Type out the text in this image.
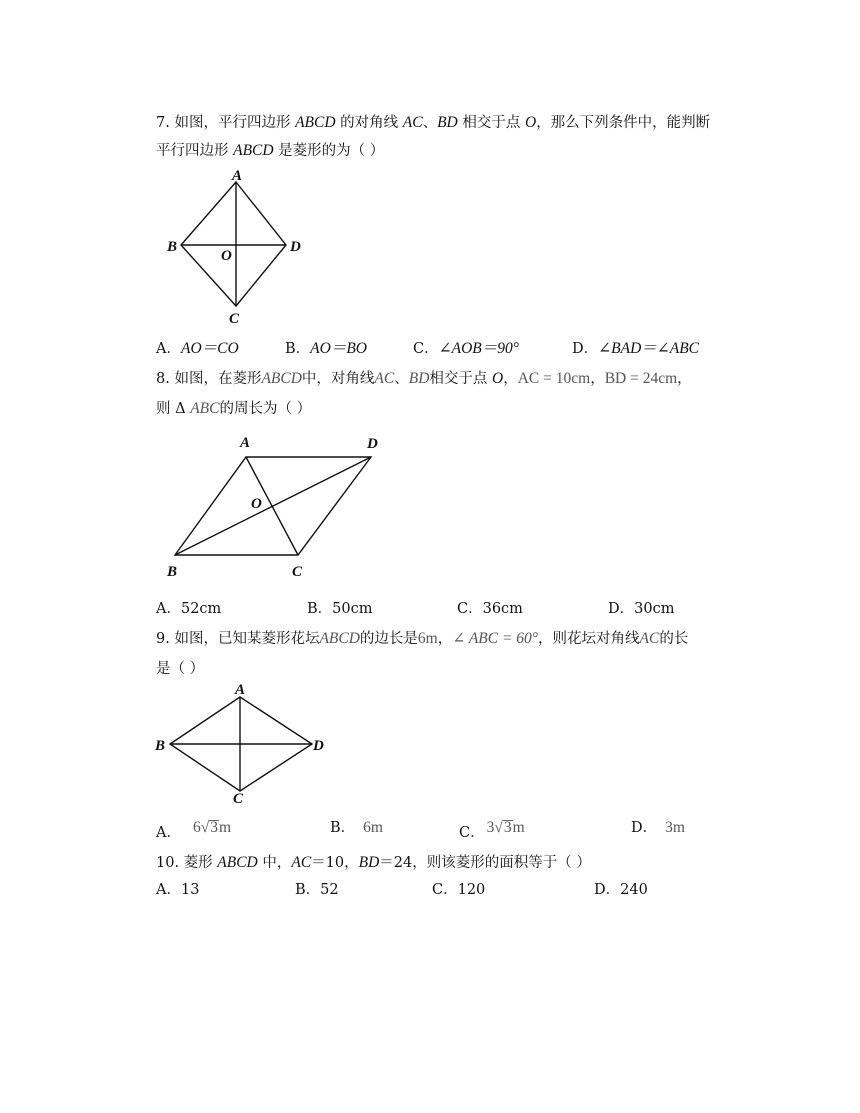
7. 如图，平行四边形 ABCD 的对角线 AC、BD 相交于点 O，那么下列条件中，能判断
平行四边形 ABCD 是菱形的为（ ）
A
B	D
O
C
A．AO＝CO	B．AO＝BO	C．∠AOB＝90°	D．∠BAD＝∠ABC
8. 如图，在菱形ABCD中，对角线AC、BD相交于点 O，AC = 10cm，BD = 24cm，
则 Δ ABC的周长为（ ）
A	D
O
B	C
A．52cm	B．50cm	C．36cm	D．30cm
9. 如图，已知某菱形花坛ABCD的边长是6m，∠ ABC = 60°，则花坛对角线AC的长
是（ ）
A
B	D
C
A． 6√3m	B． 6m	C． 3√3m	D． 3m
10. 菱形 ABCD 中，AC＝10，BD＝24，则该菱形的面积等于（ ）
A．13	B．52	C．120	D．240
